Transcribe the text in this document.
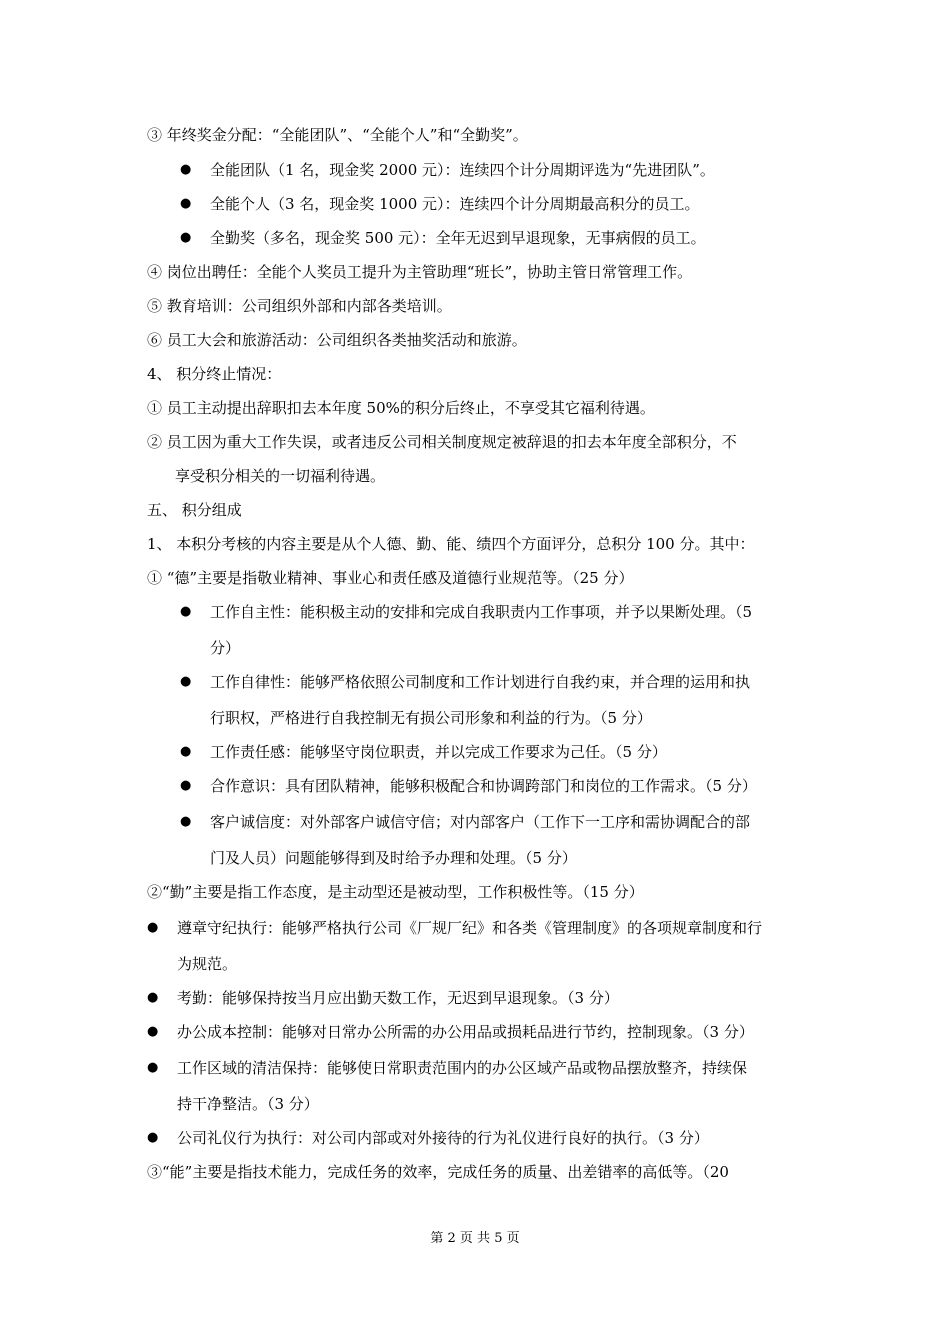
③ 年终奖金分配：“全能团队”、“全能个人”和“全勤奖”。
● 全能团队（1 名，现金奖 2000 元）：连续四个计分周期评选为“先进团队”。
● 全能个人（3 名，现金奖 1000 元）：连续四个计分周期最高积分的员工。
● 全勤奖（多名，现金奖 500 元）：全年无迟到早退现象，无事病假的员工。
④ 岗位出聘任：全能个人奖员工提升为主管助理“班长”，协助主管日常管理工作。
⑤ 教育培训：公司组织外部和内部各类培训。
⑥ 员工大会和旅游活动：公司组织各类抽奖活动和旅游。
4、 积分终止情况：
① 员工主动提出辞职扣去本年度 50%的积分后终止，不享受其它福利待遇。
② 员工因为重大工作失误，或者违反公司相关制度规定被辞退的扣去本年度全部积分，不
享受积分相关的一切福利待遇。
五、 积分组成
1、 本积分考核的内容主要是从个人德、勤、能、绩四个方面评分，总积分 100 分。其中：
① “德”主要是指敬业精神、事业心和责任感及道德行业规范等。（25 分）
● 工作自主性：能积极主动的安排和完成自我职责内工作事项，并予以果断处理。（5
分）
● 工作自律性：能够严格依照公司制度和工作计划进行自我约束，并合理的运用和执
行职权，严格进行自我控制无有损公司形象和利益的行为。（5 分）
● 工作责任感：能够坚守岗位职责，并以完成工作要求为己任。（5 分）
● 合作意识：具有团队精神，能够积极配合和协调跨部门和岗位的工作需求。（5 分）
● 客户诚信度：对外部客户诚信守信；对内部客户（工作下一工序和需协调配合的部
门及人员）问题能够得到及时给予办理和处理。（5 分）
②“勤”主要是指工作态度，是主动型还是被动型，工作积极性等。（15 分）
● 遵章守纪执行：能够严格执行公司《厂规厂纪》和各类《管理制度》的各项规章制度和行
为规范。
● 考勤：能够保持按当月应出勤天数工作，无迟到早退现象。（3 分）
● 办公成本控制：能够对日常办公所需的办公用品或损耗品进行节约，控制现象。（3 分）
● 工作区域的清洁保持：能够使日常职责范围内的办公区域产品或物品摆放整齐，持续保
持干净整洁。（3 分）
● 公司礼仪行为执行：对公司内部或对外接待的行为礼仪进行良好的执行。（3 分）
③“能”主要是指技术能力，完成任务的效率，完成任务的质量、出差错率的高低等。（20
第 2 页 共 5 页
